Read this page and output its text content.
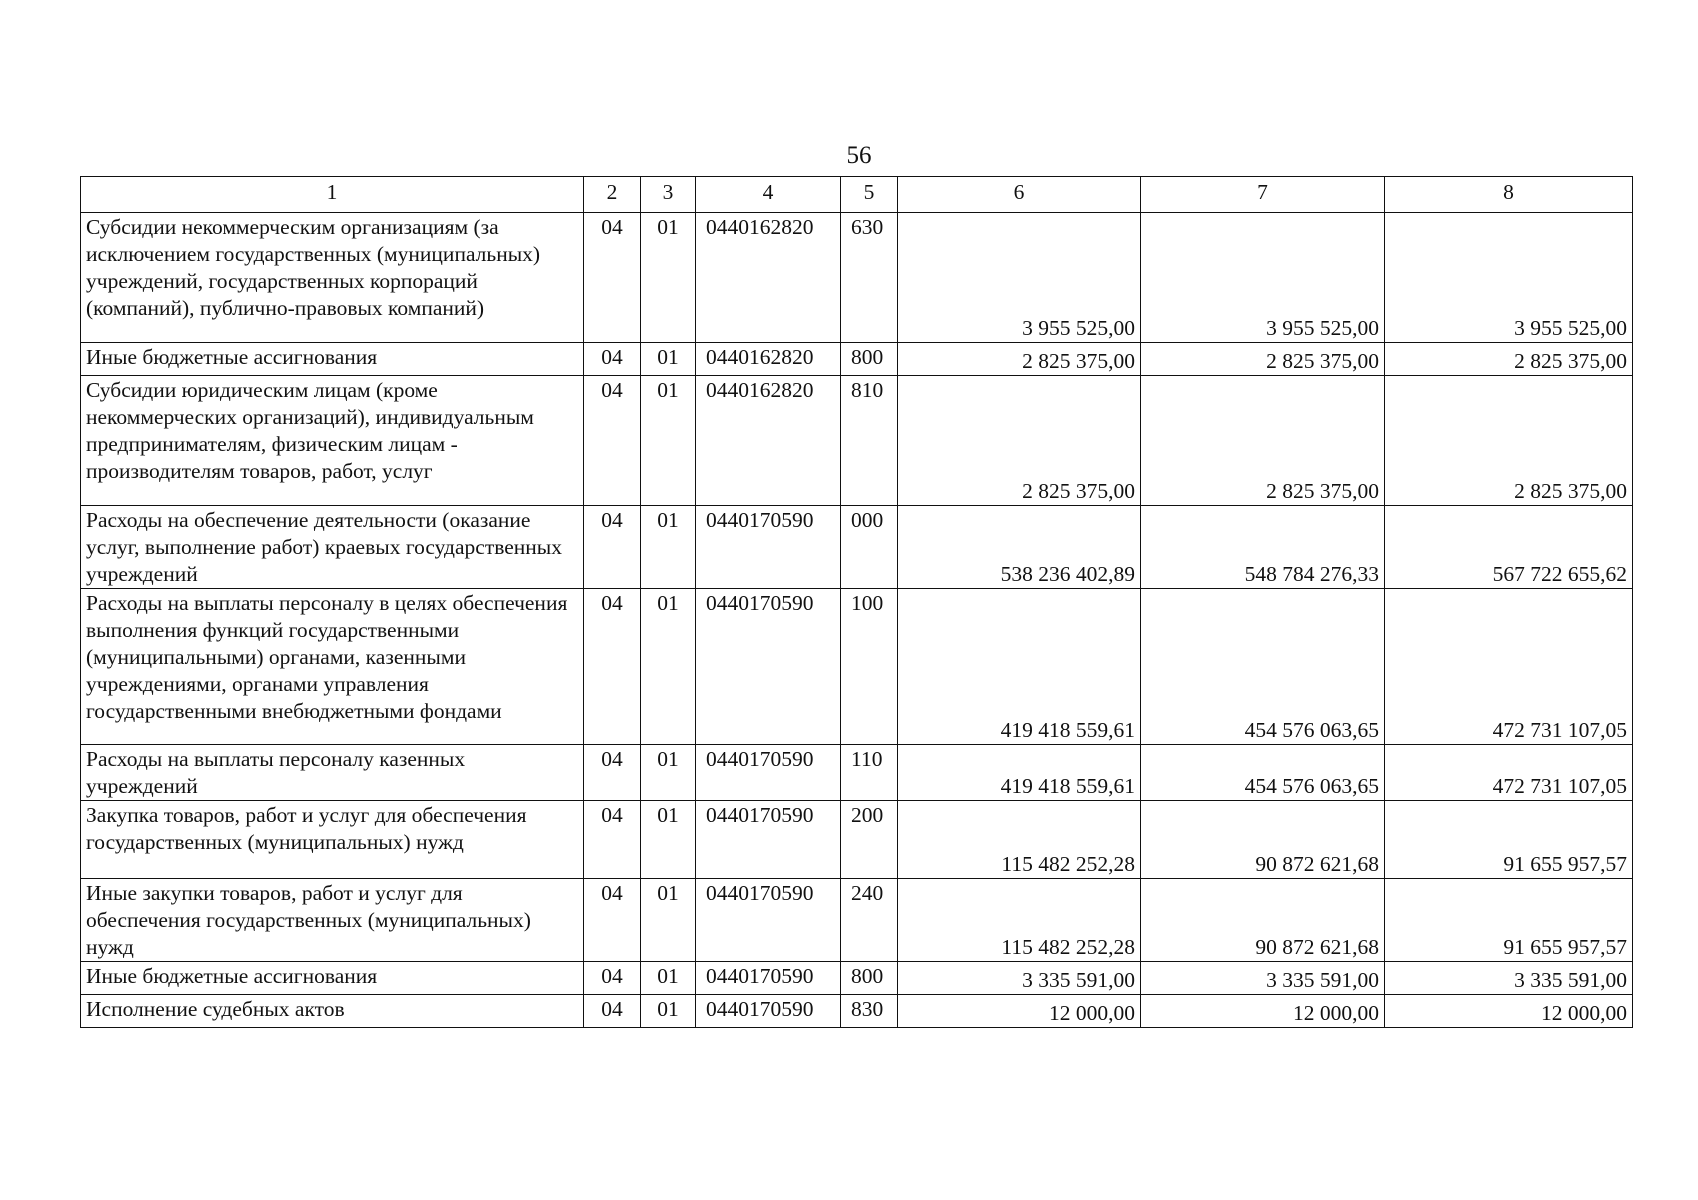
56
1	2	3	4	5	6	7	8
Субсидии некоммерческим организациям (за исключением государственных (муниципальных) учреждений, государственных корпораций (компаний), публично-правовых компаний)	04	01	0440162820	630	3 955 525,00	3 955 525,00	3 955 525,00
Иные бюджетные ассигнования	04	01	0440162820	800	2 825 375,00	2 825 375,00	2 825 375,00
Субсидии юридическим лицам (кроме некоммерческих организаций), индивидуальным предпринимателям, физическим лицам - производителям товаров, работ, услуг	04	01	0440162820	810	2 825 375,00	2 825 375,00	2 825 375,00
Расходы на обеспечение деятельности (оказание услуг, выполнение работ) краевых государственных учреждений	04	01	0440170590	000	538 236 402,89	548 784 276,33	567 722 655,62
Расходы на выплаты персоналу в целях обеспечения выполнения функций государственными (муниципальными) органами, казенными учреждениями, органами управления государственными внебюджетными фондами	04	01	0440170590	100	419 418 559,61	454 576 063,65	472 731 107,05
Расходы на выплаты персоналу казенных учреждений	04	01	0440170590	110	419 418 559,61	454 576 063,65	472 731 107,05
Закупка товаров, работ и услуг для обеспечения государственных (муниципальных) нужд	04	01	0440170590	200	115 482 252,28	90 872 621,68	91 655 957,57
Иные закупки товаров, работ и услуг для обеспечения государственных (муниципальных) нужд	04	01	0440170590	240	115 482 252,28	90 872 621,68	91 655 957,57
Иные бюджетные ассигнования	04	01	0440170590	800	3 335 591,00	3 335 591,00	3 335 591,00
Исполнение судебных актов	04	01	0440170590	830	12 000,00	12 000,00	12 000,00
